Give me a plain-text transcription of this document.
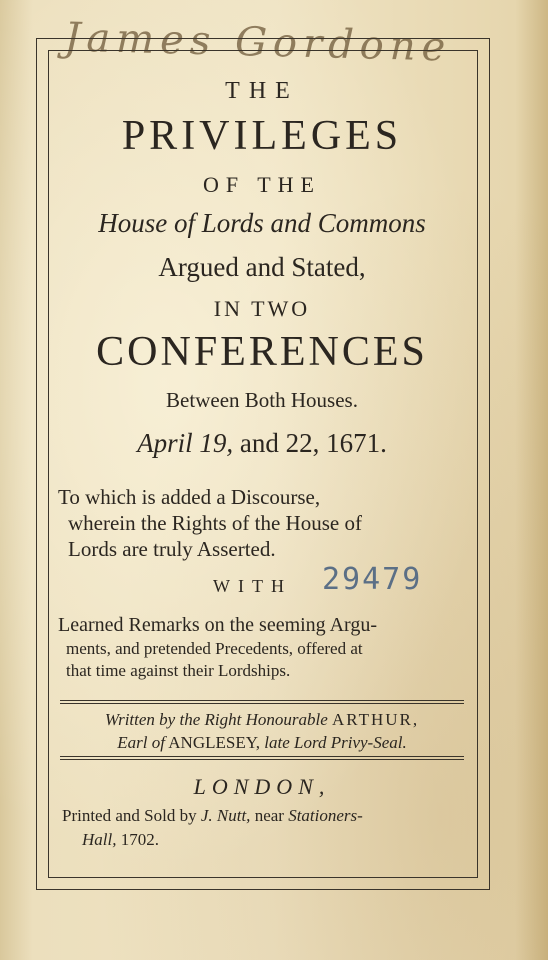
James Gordone
THE
PRIVILEGES
OF THE
House of Lords and Commons
Argued and Stated,
IN TWO
CONFERENCES
Between Both Houses.
April 19, and 22, 1671.
To which is added a Discourse,
wherein the Rights of the House of
Lords are truly Asserted.
WITH 29479
Learned Remarks on the seeming Argu-
ments, and pretended Precedents, offered at
that time against their Lordships.
Written by the Right Honourable ARTHUR,
Earl of ANGLESEY, late Lord Privy-Seal.
LONDON,
Printed and Sold by J. Nutt, near Stationers-
Hall, 1702.
